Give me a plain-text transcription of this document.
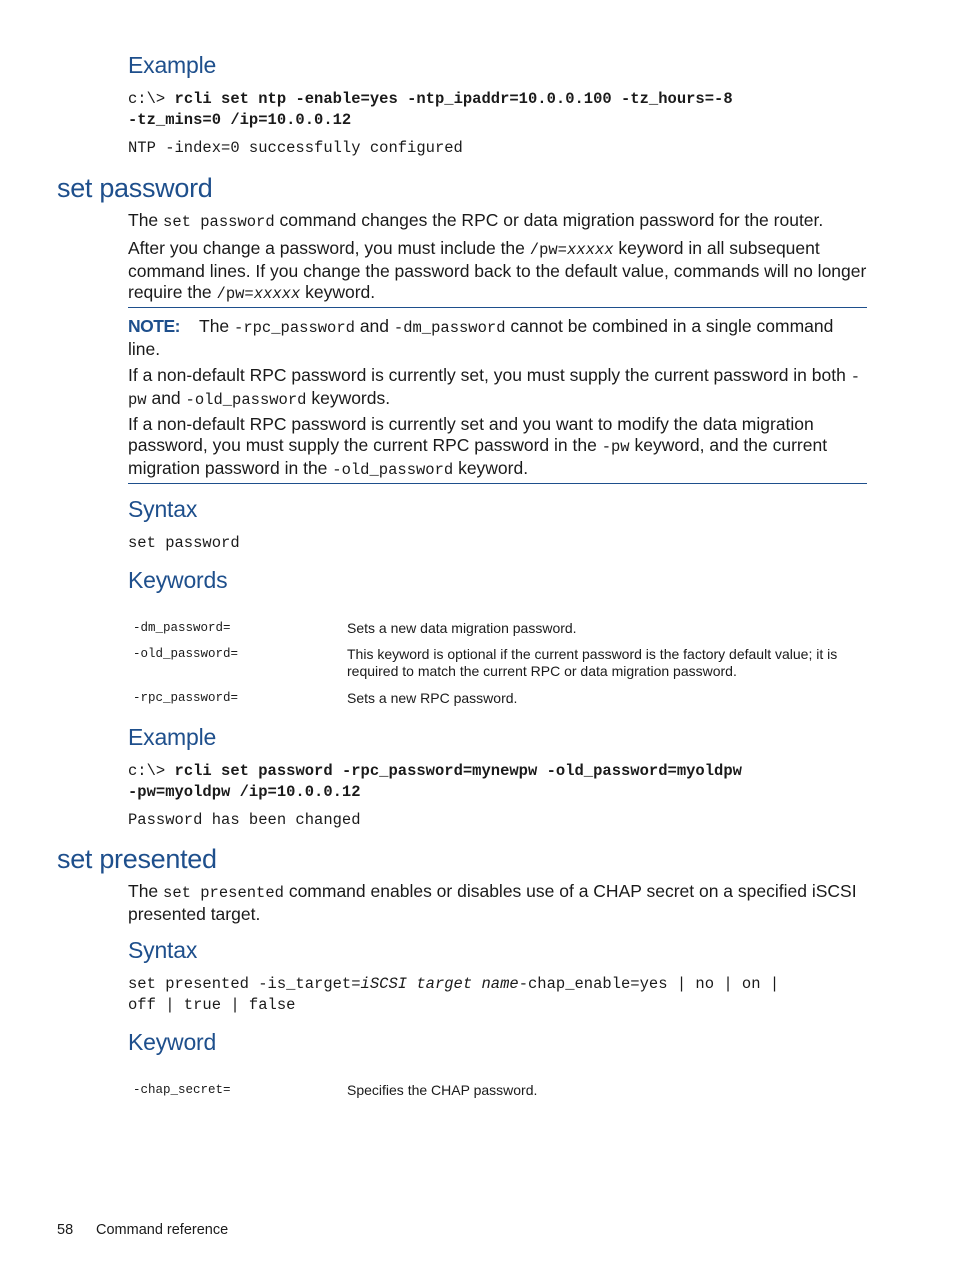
Example
c:\> rcli set ntp -enable=yes -ntp_ipaddr=10.0.0.100 -tz_hours=-8
-tz_mins=0 /ip=10.0.0.12
NTP -index=0 successfully configured
set password
The set password command changes the RPC or data migration password for the router.
After you change a password, you must include the /pw=xxxxx keyword in all subsequent command lines. If you change the password back to the default value, commands will no longer require the /pw=xxxxx keyword.
NOTE: The -rpc_password and -dm_password cannot be combined in a single command line.
If a non-default RPC password is currently set, you must supply the current password in both -pw and -old_password keywords.
If a non-default RPC password is currently set and you want to modify the data migration password, you must supply the current RPC password in the -pw keyword, and the current migration password in the -old_password keyword.
Syntax
set password
Keywords
-dm_password=	Sets a new data migration password.
-old_password=	This keyword is optional if the current password is the factory default value; it is required to match the current RPC or data migration password.
-rpc_password=	Sets a new RPC password.
Example
c:\> rcli set password -rpc_password=mynewpw -old_password=myoldpw
-pw=myoldpw /ip=10.0.0.12
Password has been changed
set presented
The set presented command enables or disables use of a CHAP secret on a specified iSCSI presented target.
Syntax
set presented -is_target=iSCSI target name-chap_enable=yes | no | on |
off | true | false
Keyword
-chap_secret=	Specifies the CHAP password.
58 Command reference
